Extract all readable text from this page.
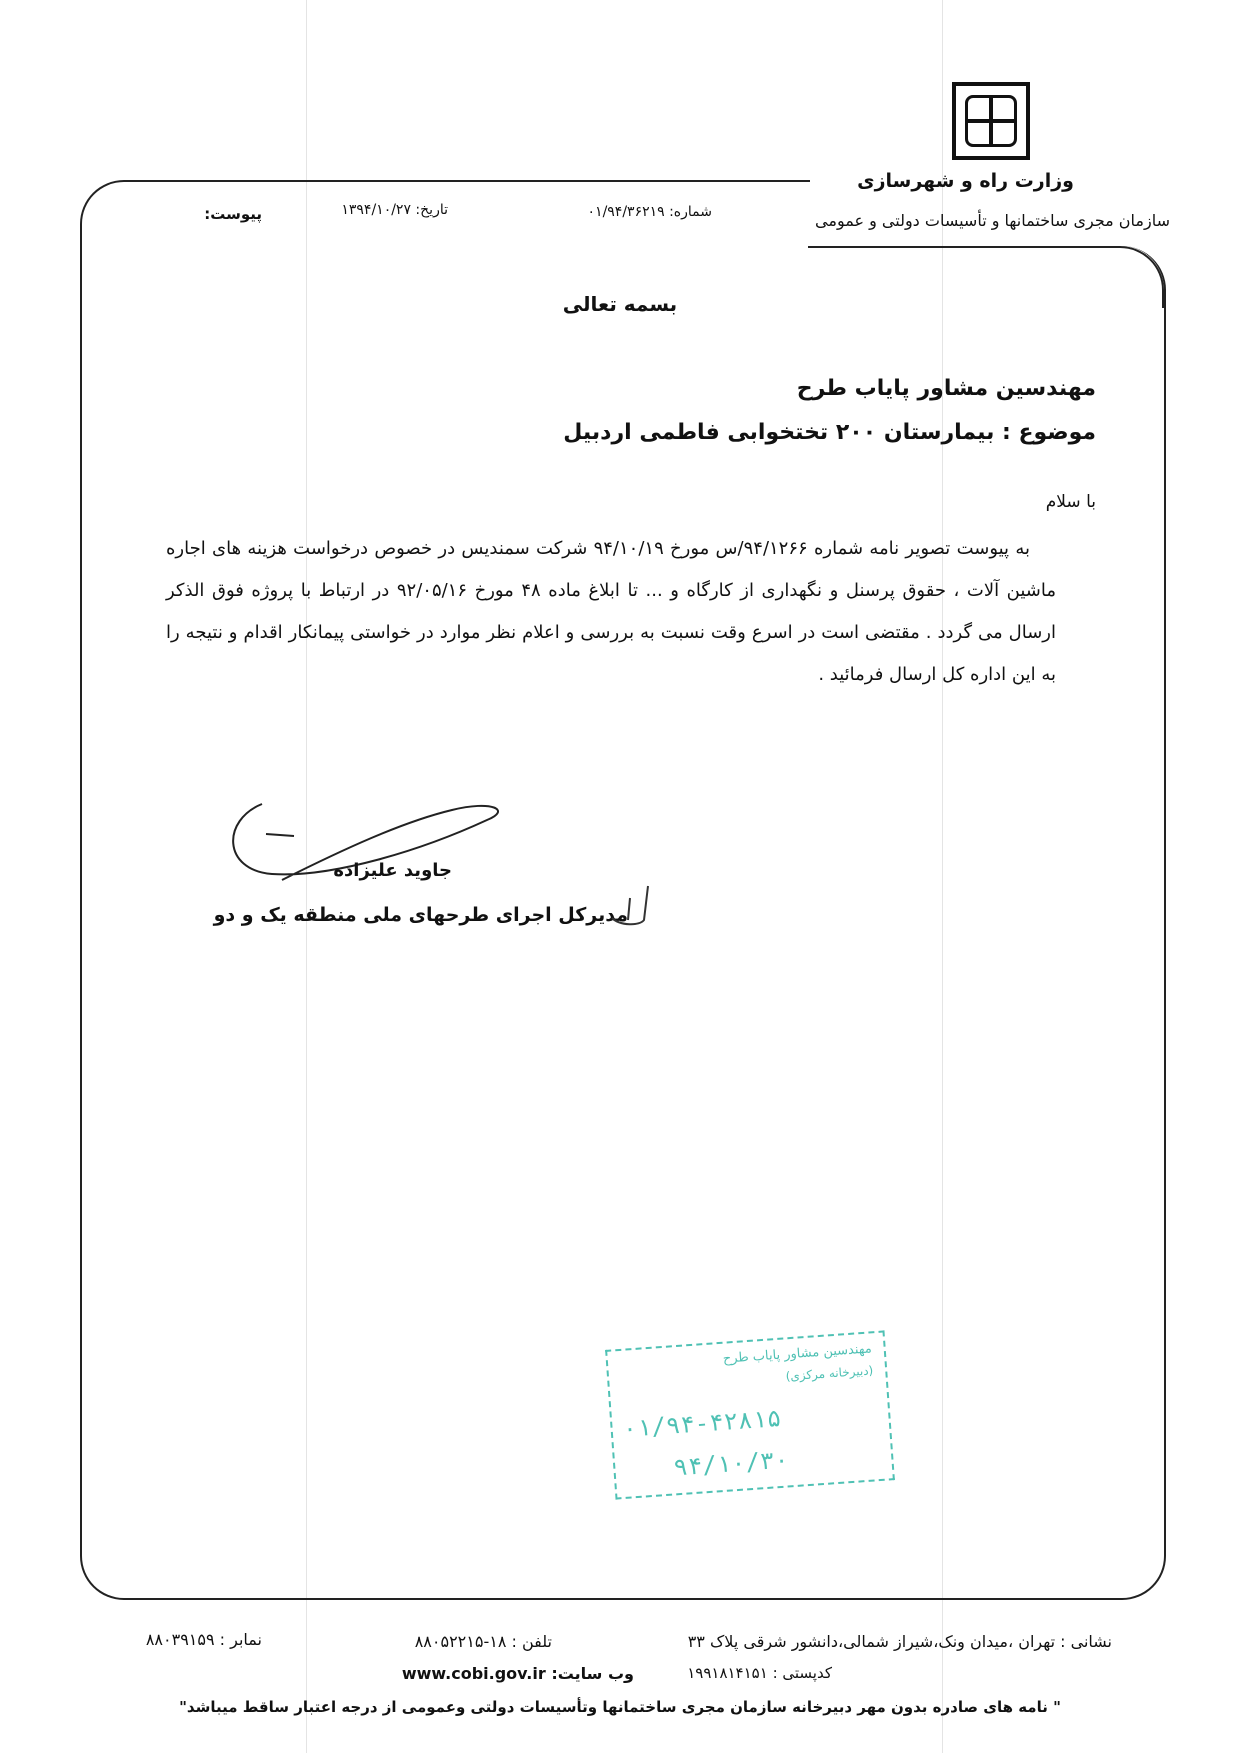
وزارت راه و شهرسازی
سازمان مجری ساختمانها و تأسیسات دولتی و عمومی
شماره: ۰۱/۹۴/۳۶۲۱۹
تاریخ: ۱۳۹۴/۱۰/۲۷
پیوست:
بسمه تعالی
مهندسین مشاور پایاب طرح
موضوع : بیمارستان ۲۰۰ تختخوابی فاطمی اردبیل
با سلام
به پیوست تصویر نامه شماره ۹۴/۱۲۶۶/س مورخ ۹۴/۱۰/۱۹ شرکت سمندیس در خصوص درخواست هزینه های اجاره ماشین آلات ، حقوق پرسنل و نگهداری از کارگاه و ... تا ابلاغ ماده ۴۸ مورخ ۹۲/۰۵/۱۶ در ارتباط با پروژه فوق الذکر ارسال می گردد . مقتضی است در اسرع وقت نسبت به بررسی و اعلام نظر موارد در خواستی پیمانکار اقدام و نتیجه را به این اداره کل ارسال فرمائید .
جاوید علیزاده
مدیرکل اجرای طرحهای ملی منطقه یک و دو
مهندسین مشاور پایاب طرح
(دبیرخانه مرکزی)
۰۱/۹۴-۴۲۸۱۵
۹۴/۱۰/۳۰
نشانی : تهران ،میدان ونک،شیراز شمالی،دانشور شرقی پلاک ۳۳
تلفن : ۱۸-۸۸۰۵۲۲۱۵
نمابر : ۸۸۰۳۹۱۵۹
کدپستی : ۱۹۹۱۸۱۴۱۵۱
وب سایت: www.cobi.gov.ir
" نامه های صادره بدون مهر دبیرخانه سازمان مجری ساختمانها وتأسیسات دولتی وعمومی از درجه اعتبار ساقط میباشد"
